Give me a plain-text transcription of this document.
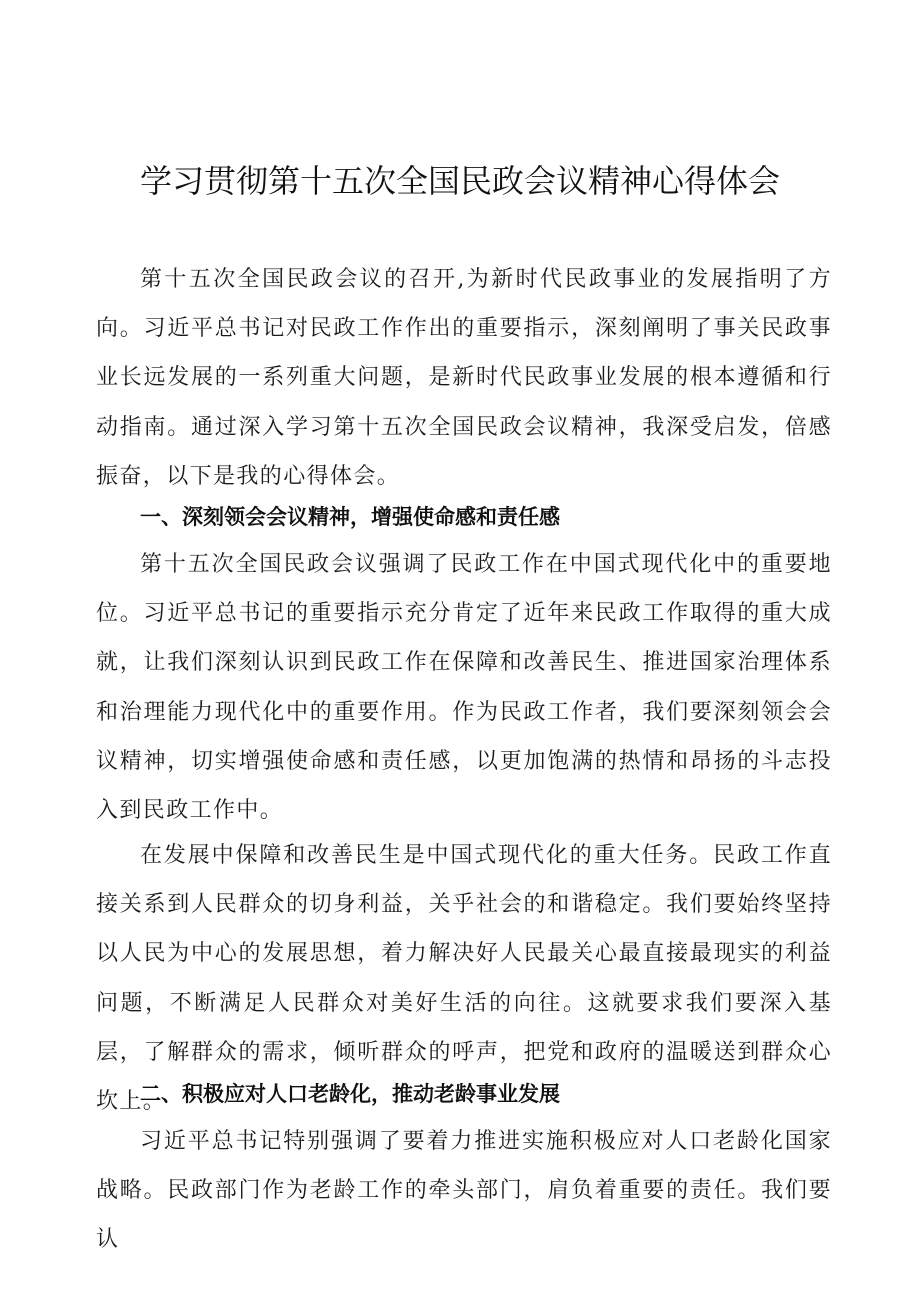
学习贯彻第十五次全国民政会议精神心得体会

第十五次全国民政会议的召开,为新时代民政事业的发展指明了方向。习近平总书记对民政工作作出的重要指示，深刻阐明了事关民政事业长远发展的一系列重大问题，是新时代民政事业发展的根本遵循和行动指南。通过深入学习第十五次全国民政会议精神，我深受启发，倍感振奋，以下是我的心得体会。

一、深刻领会会议精神，增强使命感和责任感

第十五次全国民政会议强调了民政工作在中国式现代化中的重要地位。习近平总书记的重要指示充分肯定了近年来民政工作取得的重大成就，让我们深刻认识到民政工作在保障和改善民生、推进国家治理体系和治理能力现代化中的重要作用。作为民政工作者，我们要深刻领会会议精神，切实增强使命感和责任感，以更加饱满的热情和昂扬的斗志投入到民政工作中。

在发展中保障和改善民生是中国式现代化的重大任务。民政工作直接关系到人民群众的切身利益，关乎社会的和谐稳定。我们要始终坚持以人民为中心的发展思想，着力解决好人民最关心最直接最现实的利益问题，不断满足人民群众对美好生活的向往。这就要求我们要深入基层，了解群众的需求，倾听群众的呼声，把党和政府的温暖送到群众心坎上。

二、积极应对人口老龄化，推动老龄事业发展

习近平总书记特别强调了要着力推进实施积极应对人口老龄化国家战略。民政部门作为老龄工作的牵头部门，肩负着重要的责任。我们要认
